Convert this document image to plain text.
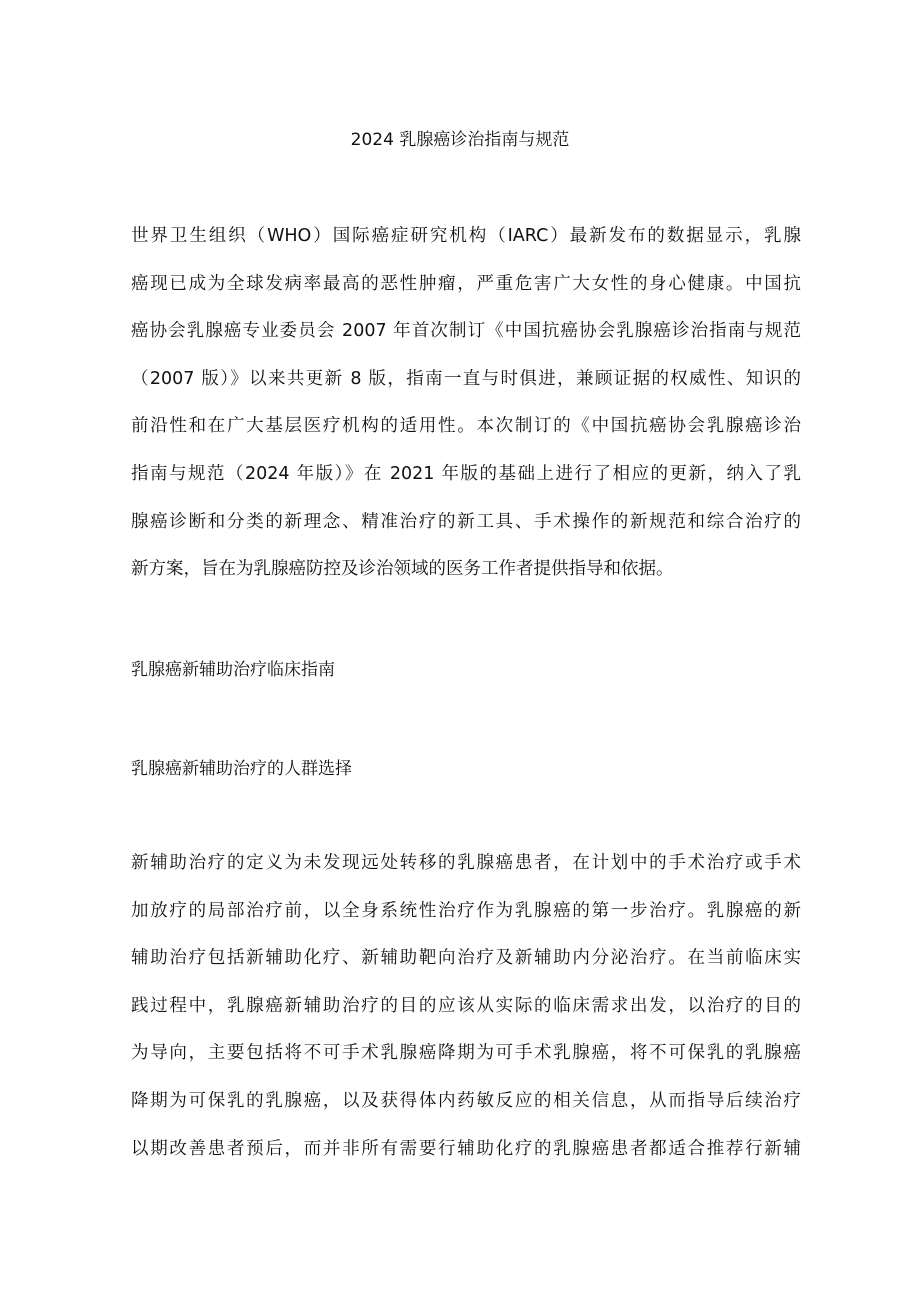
2024 乳腺癌诊治指南与规范
世界卫生组织（WHO）国际癌症研究机构（IARC）最新发布的数据显示，乳腺
癌现已成为全球发病率最高的恶性肿瘤，严重危害广大女性的身心健康。中国抗
癌协会乳腺癌专业委员会 2007 年首次制订《中国抗癌协会乳腺癌诊治指南与规范
（2007 版）》以来共更新 8 版，指南一直与时俱进，兼顾证据的权威性、知识的
前沿性和在广大基层医疗机构的适用性。本次制订的《中国抗癌协会乳腺癌诊治
指南与规范（2024 年版）》在 2021 年版的基础上进行了相应的更新，纳入了乳
腺癌诊断和分类的新理念、精准治疗的新工具、手术操作的新规范和综合治疗的
新方案，旨在为乳腺癌防控及诊治领域的医务工作者提供指导和依据。
乳腺癌新辅助治疗临床指南
乳腺癌新辅助治疗的人群选择
新辅助治疗的定义为未发现远处转移的乳腺癌患者，在计划中的手术治疗或手术
加放疗的局部治疗前，以全身系统性治疗作为乳腺癌的第一步治疗。乳腺癌的新
辅助治疗包括新辅助化疗、新辅助靶向治疗及新辅助内分泌治疗。在当前临床实
践过程中，乳腺癌新辅助治疗的目的应该从实际的临床需求出发，以治疗的目的
为导向，主要包括将不可手术乳腺癌降期为可手术乳腺癌，将不可保乳的乳腺癌
降期为可保乳的乳腺癌，以及获得体内药敏反应的相关信息，从而指导后续治疗
以期改善患者预后，而并非所有需要行辅助化疗的乳腺癌患者都适合推荐行新辅
